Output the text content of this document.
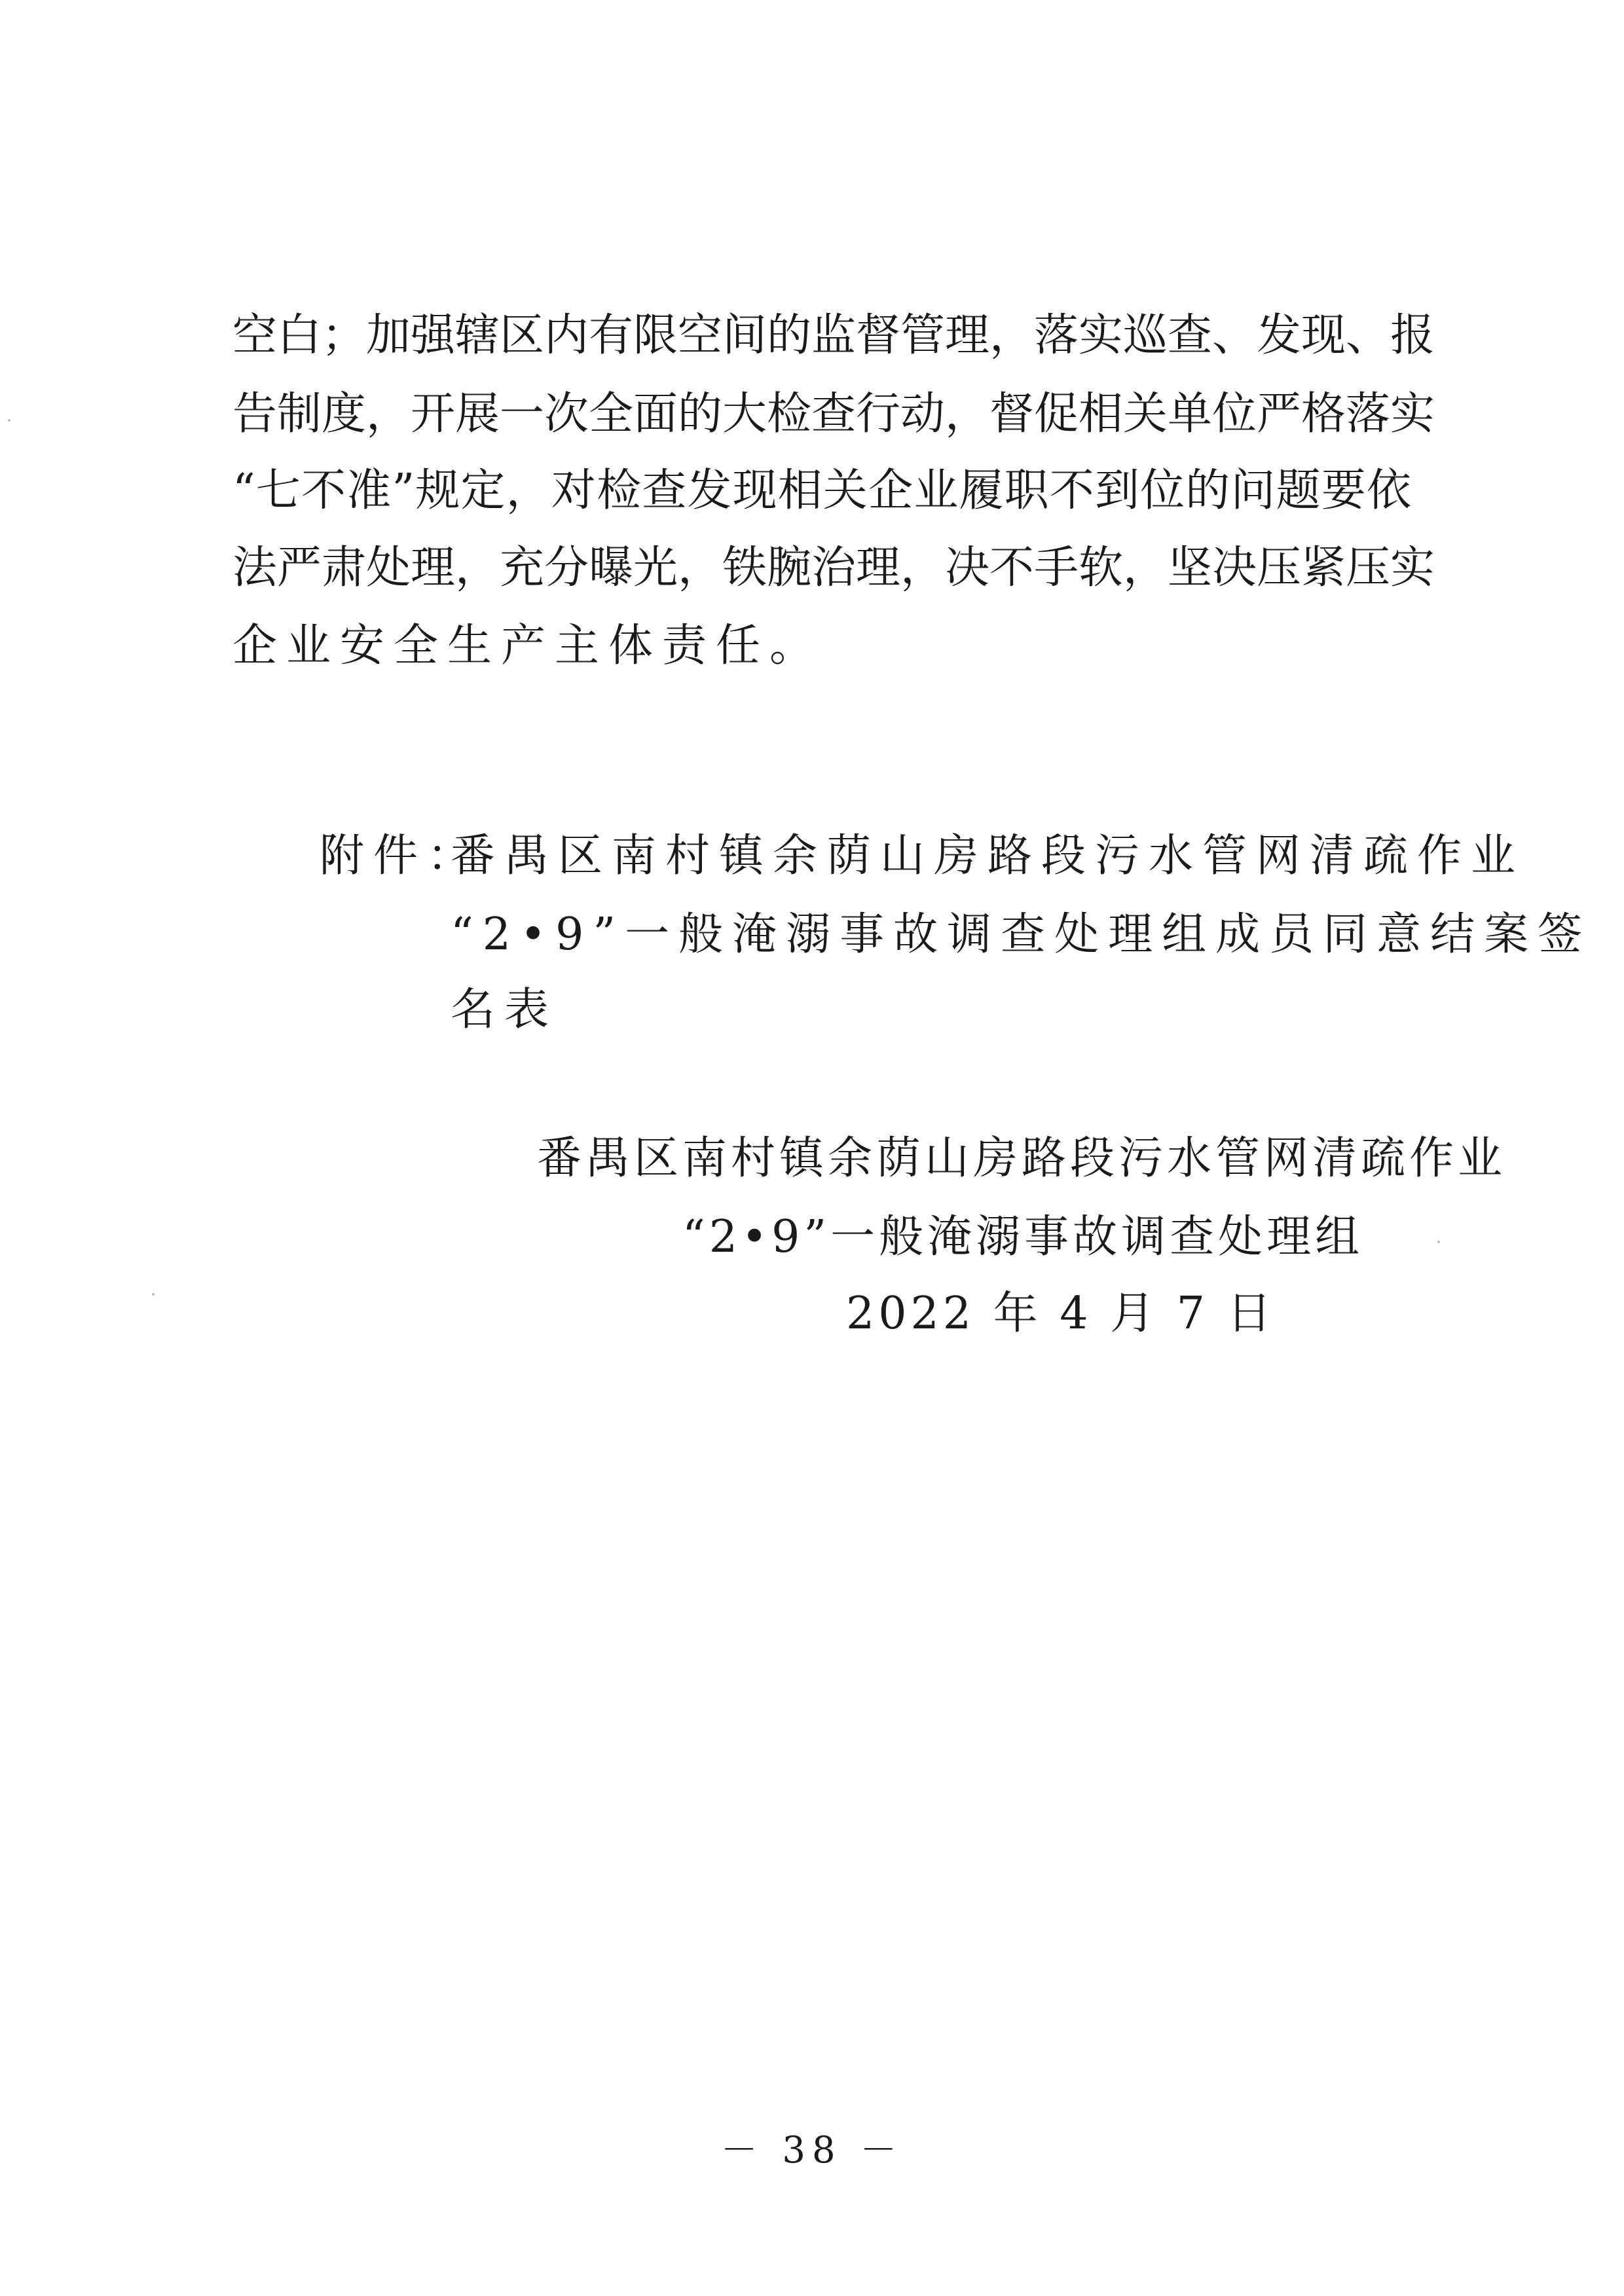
空白；加强辖区内有限空间的监督管理，落实巡查、发现、报
告制度，开展一次全面的大检查行动，督促相关单位严格落实
“七不准”规定，对检查发现相关企业履职不到位的问题要依
法严肃处理，充分曝光，铁腕治理，决不手软，坚决压紧压实
企业安全生产主体责任。
附件：
番禺区南村镇余荫山房路段污水管网清疏作业
“2•9”一般淹溺事故调查处理组成员同意结案签
名表
番禺区南村镇余荫山房路段污水管网清疏作业
“2•9”一般淹溺事故调查处理组
2022 年 4 月 7 日
－ 38 －
